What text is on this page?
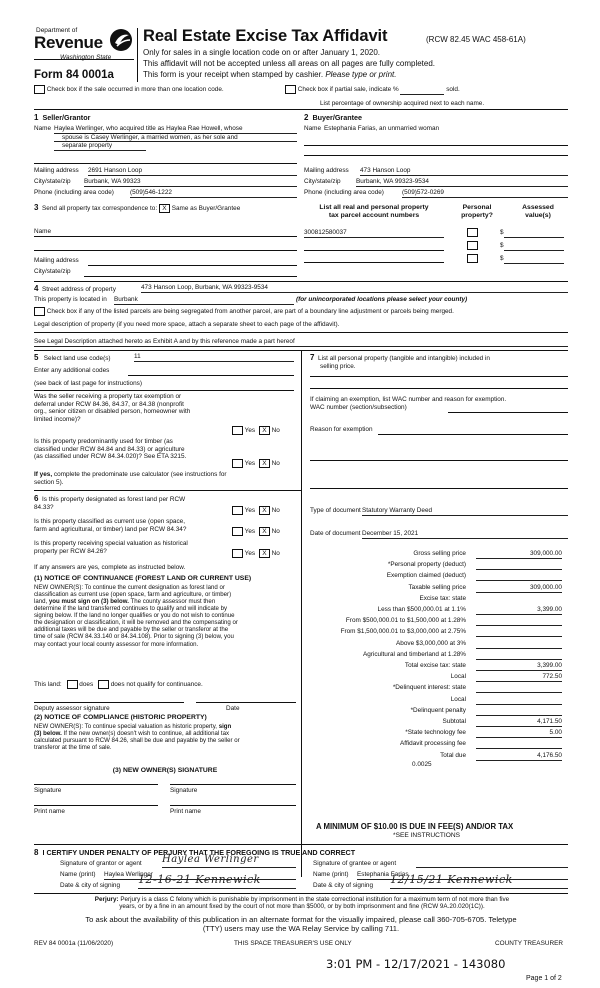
Department of
Revenue
Washington State
Form 84 0001a
Real Estate Excise Tax Affidavit	(RCW 82.45 WAC 458-61A)
Only for sales in a single location code on or after January 1, 2020.
This affidavit will not be accepted unless all areas on all pages are fully completed.
This form is your receipt when stamped by cashier. Please type or print.
Check box if the sale occurred in more than one location code.	Check box if partial sale, indicate %	sold.
List percentage of ownership acquired next to each name.
1 Seller/Grantor
Name Haylea Werlinger, who acquired title as Haylea Rae Howell, whose
spouse is Casey Werlinger, a married women, as her sole and
separate property
2 Buyer/Grantee
Name Estephania Farias, an unmarried woman
Mailing address 2691 Hanson Loop
City/state/zip Burbank, WA 99323
Phone (including area code)	(509)546-1222
Mailing address 473 Hanson Loop
City/state/zip Burbank, WA 99323-9534
Phone (including area code)	(509)572-0269
3 Send all property tax correspondence to: X Same as Buyer/Grantee
Name
Mailing address
City/state/zip
List all real and personal property
tax parcel account numbers
Personal
property?
Assessed
value(s)
300812580037	$
$
$
4 Street address of property	473 Hanson Loop, Burbank, WA 99323-9534
This property is located in Burbank	(for unincorporated locations please select your county)
Check box if any of the listed parcels are being segregated from another parcel, are part of a boundary line adjustment or parcels being merged.
Legal description of property (if you need more space, attach a separate sheet to each page of the affidavit).
See Legal Description attached hereto as Exhibit A and by this reference made a part hereof
5 Select land use code(s)	11
Enter any additional codes
(see back of last page for instructions)
Was the seller receiving a property tax exemption or
deferral under RCW 84.36, 84.37, or 84.38 (nonprofit
org., senior citizen or disabled person, homeowner with
limited income)?
Yes X No
Is this property predominantly used for timber (as
classified under RCW 84.84 and 84.33) or agriculture
(as classified under RCW 84.34.020)? See ETA 3215.
Yes X No
If yes, complete the predominate use calculator (see instructions for
section 5).
6 Is this property designated as forest land per RCW
84.33?
Yes X No
Is this property classified as current use (open space,
farm and agricultural, or timber) land per RCW 84.34?	Yes X No
Is this property receiving special valuation as historical
property per RCW 84.26?	Yes X No
If any answers are yes, complete as instructed below.
(1) NOTICE OF CONTINUANCE (FOREST LAND OR CURRENT USE)
NEW OWNER(S): To continue the current designation as forest land or
classification as current use (open space, farm and agriculture, or timber)
land, you must sign on (3) below. The county assessor must then
determine if the land transferred continues to qualify and will indicate by
signing below. If the land no longer qualifies or you do not wish to continue
the designation or classification, it will be removed and the compensating or
additional taxes will be due and payable by the seller or transferor at the
time of sale (RCW 84.33.140 or 84.34.108). Prior to signing (3) below, you
may contact your local county assessor for more information.
This land:	does	does not qualify for continuance.
Deputy assessor signature	Date
(2) NOTICE OF COMPLIANCE (HISTORIC PROPERTY)
NEW OWNER(S): To continue special valuation as historic property, sign
(3) below. If the new owner(s) doesn't wish to continue, all additional tax
calculated pursuant to RCW 84.26, shall be due and payable by the seller or
transferor at the time of sale.
(3) NEW OWNER(S) SIGNATURE
Signature	Signature
Print name	Print name
7 List all personal property (tangible and intangible) included in
selling price.
If claiming an exemption, list WAC number and reason for exemption.
WAC number (section/subsection)
Reason for exemption
Type of document Statutory Warranty Deed
Date of document December 15, 2021
Gross selling price	309,000.00
*Personal property (deduct)
Exemption claimed (deduct)
Taxable selling price	309,000.00
Excise tax: state
Less than $500,000.01 at 1.1%	3,399.00
From $500,000.01 to $1,500,000 at 1.28%
From $1,500,000.01 to $3,000,000 at 2.75%
Above $3,000,000 at 3%
Agricultural and timberland at 1.28%
Total excise tax: state	3,399.00
Local	772.50
*Delinquent interest: state
Local
*Delinquent penalty
Subtotal	4,171.50
*State technology fee	5.00
Affidavit processing fee
Total due	4,176.50
0.0025
A MINIMUM OF $10.00 IS DUE IN FEE(S) AND/OR TAX
*SEE INSTRUCTIONS
8 I CERTIFY UNDER PENALTY OF PERJURY THAT THE FOREGOING IS TRUE AND CORRECT
Signature of grantor or agent Haylea Werlinger	Signature of grantee or agent
Name (print) Haylea Werlinger	Name (print) Estephania Farias
Date & city of signing 12-16-21 Kennewick	Date & city of signing 12/15/21 Kennewick
Perjury: Perjury is a class C felony which is punishable by imprisonment in the state correctional institution for a maximum term of not more than five
years, or by a fine in an amount fixed by the court of not more than $5000, or by both imprisonment and fine (RCW 9A.20.020(1C)).
To ask about the availability of this publication in an alternate format for the visually impaired, please call 360-705-6705. Teletype
(TTY) users may use the WA Relay Service by calling 711.
REV 84 0001a (11/06/2020)	THIS SPACE TREASURER'S USE ONLY	COUNTY TREASURER
3:01 PM - 12/17/2021 - 143080
Page 1 of 2
